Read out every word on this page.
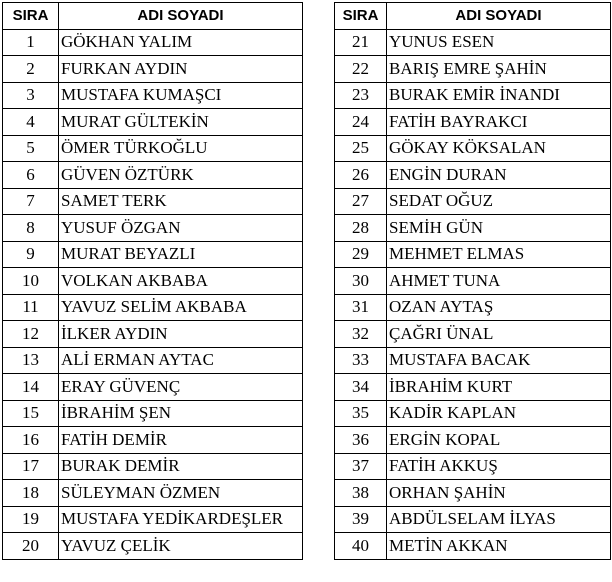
SIRA	ADI SOYADI
1	GÖKHAN YALIM
2	FURKAN AYDIN
3	MUSTAFA KUMAŞCI
4	MURAT GÜLTEKİN
5	ÖMER TÜRKOĞLU
6	GÜVEN ÖZTÜRK
7	SAMET TERK
8	YUSUF ÖZGAN
9	MURAT BEYAZLI
10	VOLKAN AKBABA
11	YAVUZ SELİM AKBABA
12	İLKER AYDIN
13	ALİ ERMAN AYTAC
14	ERAY GÜVENÇ
15	İBRAHİM ŞEN
16	FATİH DEMİR
17	BURAK DEMİR
18	SÜLEYMAN ÖZMEN
19	MUSTAFA YEDİKARDEŞLER
20	YAVUZ ÇELİK
SIRA	ADI SOYADI
21	YUNUS ESEN
22	BARIŞ EMRE ŞAHİN
23	BURAK EMİR İNANDI
24	FATİH BAYRAKCI
25	GÖKAY KÖKSALAN
26	ENGİN DURAN
27	SEDAT OĞUZ
28	SEMİH GÜN
29	MEHMET ELMAS
30	AHMET TUNA
31	OZAN AYTAŞ
32	ÇAĞRI ÜNAL
33	MUSTAFA BACAK
34	İBRAHİM KURT
35	KADİR KAPLAN
36	ERGİN KOPAL
37	FATİH AKKUŞ
38	ORHAN ŞAHİN
39	ABDÜLSELAM İLYAS
40	METİN AKKAN
